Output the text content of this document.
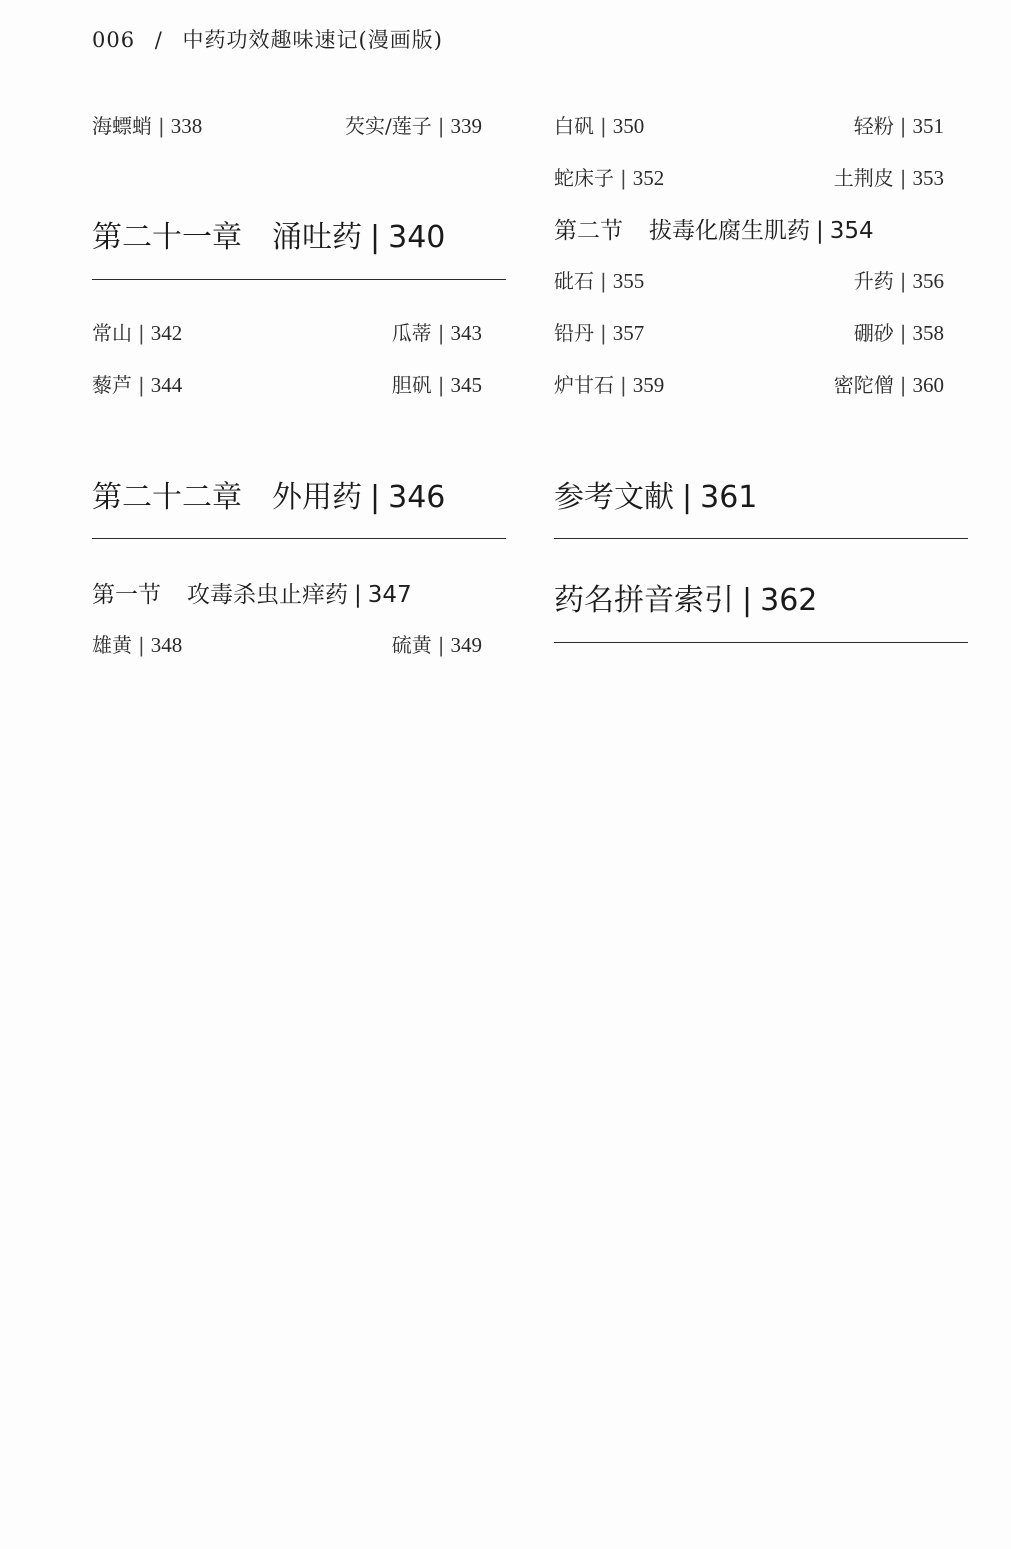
006 / 中药功效趣味速记(漫画版)
海螵蛸 | 338	芡实/莲子 | 339
第二十一章 涌吐药 | 340
常山 | 342	瓜蒂 | 343
藜芦 | 344	胆矾 | 345
第二十二章 外用药 | 346
第一节 攻毒杀虫止痒药 | 347
雄黄 | 348	硫黄 | 349
白矾 | 350	轻粉 | 351
蛇床子 | 352	土荆皮 | 353
第二节 拔毒化腐生肌药 | 354
砒石 | 355	升药 | 356
铅丹 | 357	硼砂 | 358
炉甘石 | 359	密陀僧 | 360
参考文献 | 361
药名拼音索引 | 362
